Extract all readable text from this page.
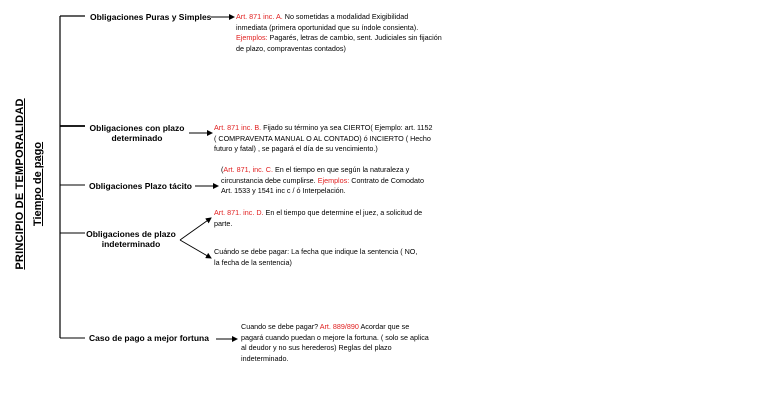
PRINCIPIO DE TEMPORALIDAD Tiempo de pago
Obligaciones Puras y Simples
Obligaciones con plazo
determinado
Obligaciones Plazo tácito
Obligaciones de plazo
indeterminado
Caso de pago a mejor fortuna
Art. 871 inc. A. No sometidas a modalidad Exigibilidad
inmediata (primera oportunidad que su índole consienta).
Ejemplos: Pagarés, letras de cambio, sent. Judiciales sin fijación
de plazo, compraventas contados)
Art. 871 inc. B. Fijado su término ya sea CIERTO( Ejemplo: art. 1152
( COMPRAVENTA MANUAL O AL CONTADO) ó INCIERTO ( Hecho
futuro y fatal) , se pagará el día de su vencimiento.)
(Art. 871, inc. C. En el tiempo en que según la naturaleza y
circunstancia debe cumplirse. Ejemplos: Contrato de Comodato
Art. 1533 y 1541 inc c / ó Interpelación.
Art. 871. inc. D. En el tiempo que determine el juez, a solicitud de
parte.
Cuándo se debe pagar: La fecha que indique la sentencia ( NO,
la fecha de la sentencia)
Cuando se debe pagar? Art. 889/890 Acordar que se
pagará cuando puedan o mejore la fortuna. ( solo se aplica
al deudor y no sus herederos) Reglas del plazo
indeterminado.
